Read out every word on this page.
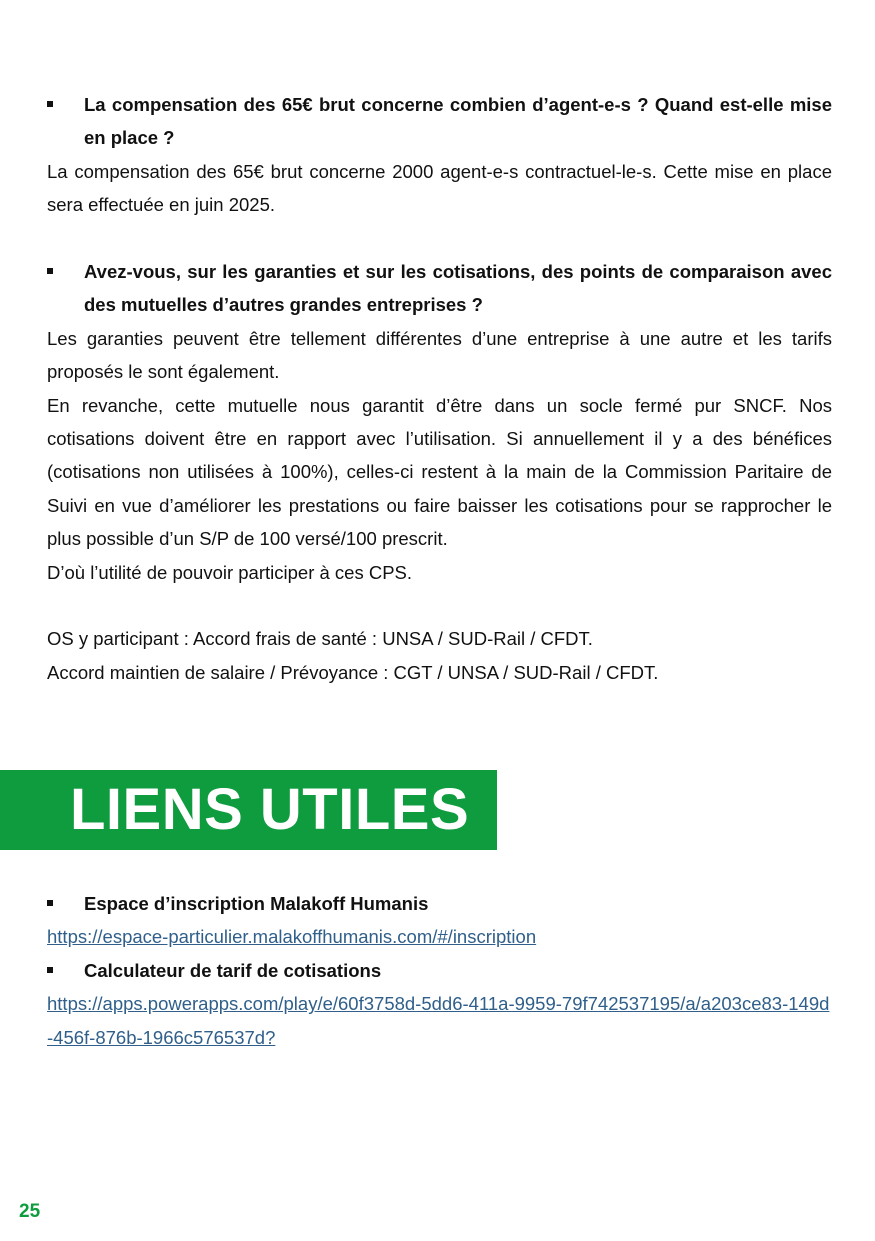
La compensation des 65€ brut concerne combien d’agent-e-s ? Quand est-elle mise en place ?

La compensation des 65€ brut concerne 2000 agent-e-s contractuel-le-s. Cette mise en place sera effectuée en juin 2025.

Avez-vous, sur les garanties et sur les cotisations, des points de comparaison avec des mutuelles d’autres grandes entreprises ?

Les garanties peuvent être tellement différentes d’une entreprise à une autre et les tarifs proposés le sont également.

En revanche, cette mutuelle nous garantit d’être dans un socle fermé pur SNCF. Nos cotisations doivent être en rapport avec l’utilisation. Si annuellement il y a des bénéfices (cotisations non utilisées à 100%), celles-ci restent à la main de la Commission Paritaire de Suivi en vue d’améliorer les prestations ou faire baisser les cotisations pour se rapprocher le plus possible d’un S/P de 100 versé/100 prescrit.

D’où l’utilité de pouvoir participer à ces CPS.

OS y participant : Accord frais de santé : UNSA / SUD-Rail / CFDT.

Accord maintien de salaire / Prévoyance : CGT / UNSA / SUD-Rail / CFDT.

LIENS UTILES
Espace d’inscription Malakoff Humanis
https://espace-particulier.malakoffhumanis.com/#/inscription
Calculateur de tarif de cotisations
https://apps.powerapps.com/play/e/60f3758d-5dd6-411a-9959-79f742537195/a/a203ce83-149d-456f-876b-1966c576537d?
25
